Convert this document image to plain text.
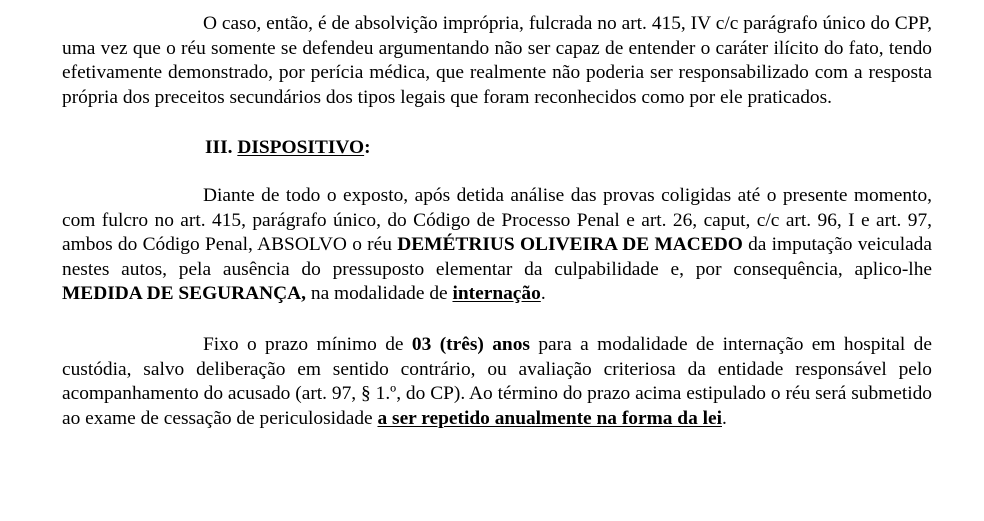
O caso, então, é de absolvição imprópria, fulcrada no art. 415, IV c/c parágrafo único do CPP, uma vez que o réu somente se defendeu argumentando não ser capaz de entender o caráter ilícito do fato, tendo efetivamente demonstrado, por perícia médica, que realmente não poderia ser responsabilizado com a resposta própria dos preceitos secundários dos tipos legais que foram reconhecidos como por ele praticados.

III. DISPOSITIVO:

Diante de todo o exposto, após detida análise das provas coligidas até o presente momento, com fulcro no art. 415, parágrafo único, do Código de Processo Penal e art. 26, caput, c/c art. 96, I e art. 97, ambos do Código Penal, ABSOLVO o réu DEMÉTRIUS OLIVEIRA DE MACEDO da imputação veiculada nestes autos, pela ausência do pressuposto elementar da culpabilidade e, por consequência, aplico-lhe MEDIDA DE SEGURANÇA, na modalidade de internação.

Fixo o prazo mínimo de 03 (três) anos para a modalidade de internação em hospital de custódia, salvo deliberação em sentido contrário, ou avaliação criteriosa da entidade responsável pelo acompanhamento do acusado (art. 97, § 1.º, do CP). Ao término do prazo acima estipulado o réu será submetido ao exame de cessação de periculosidade a ser repetido anualmente na forma da lei.
